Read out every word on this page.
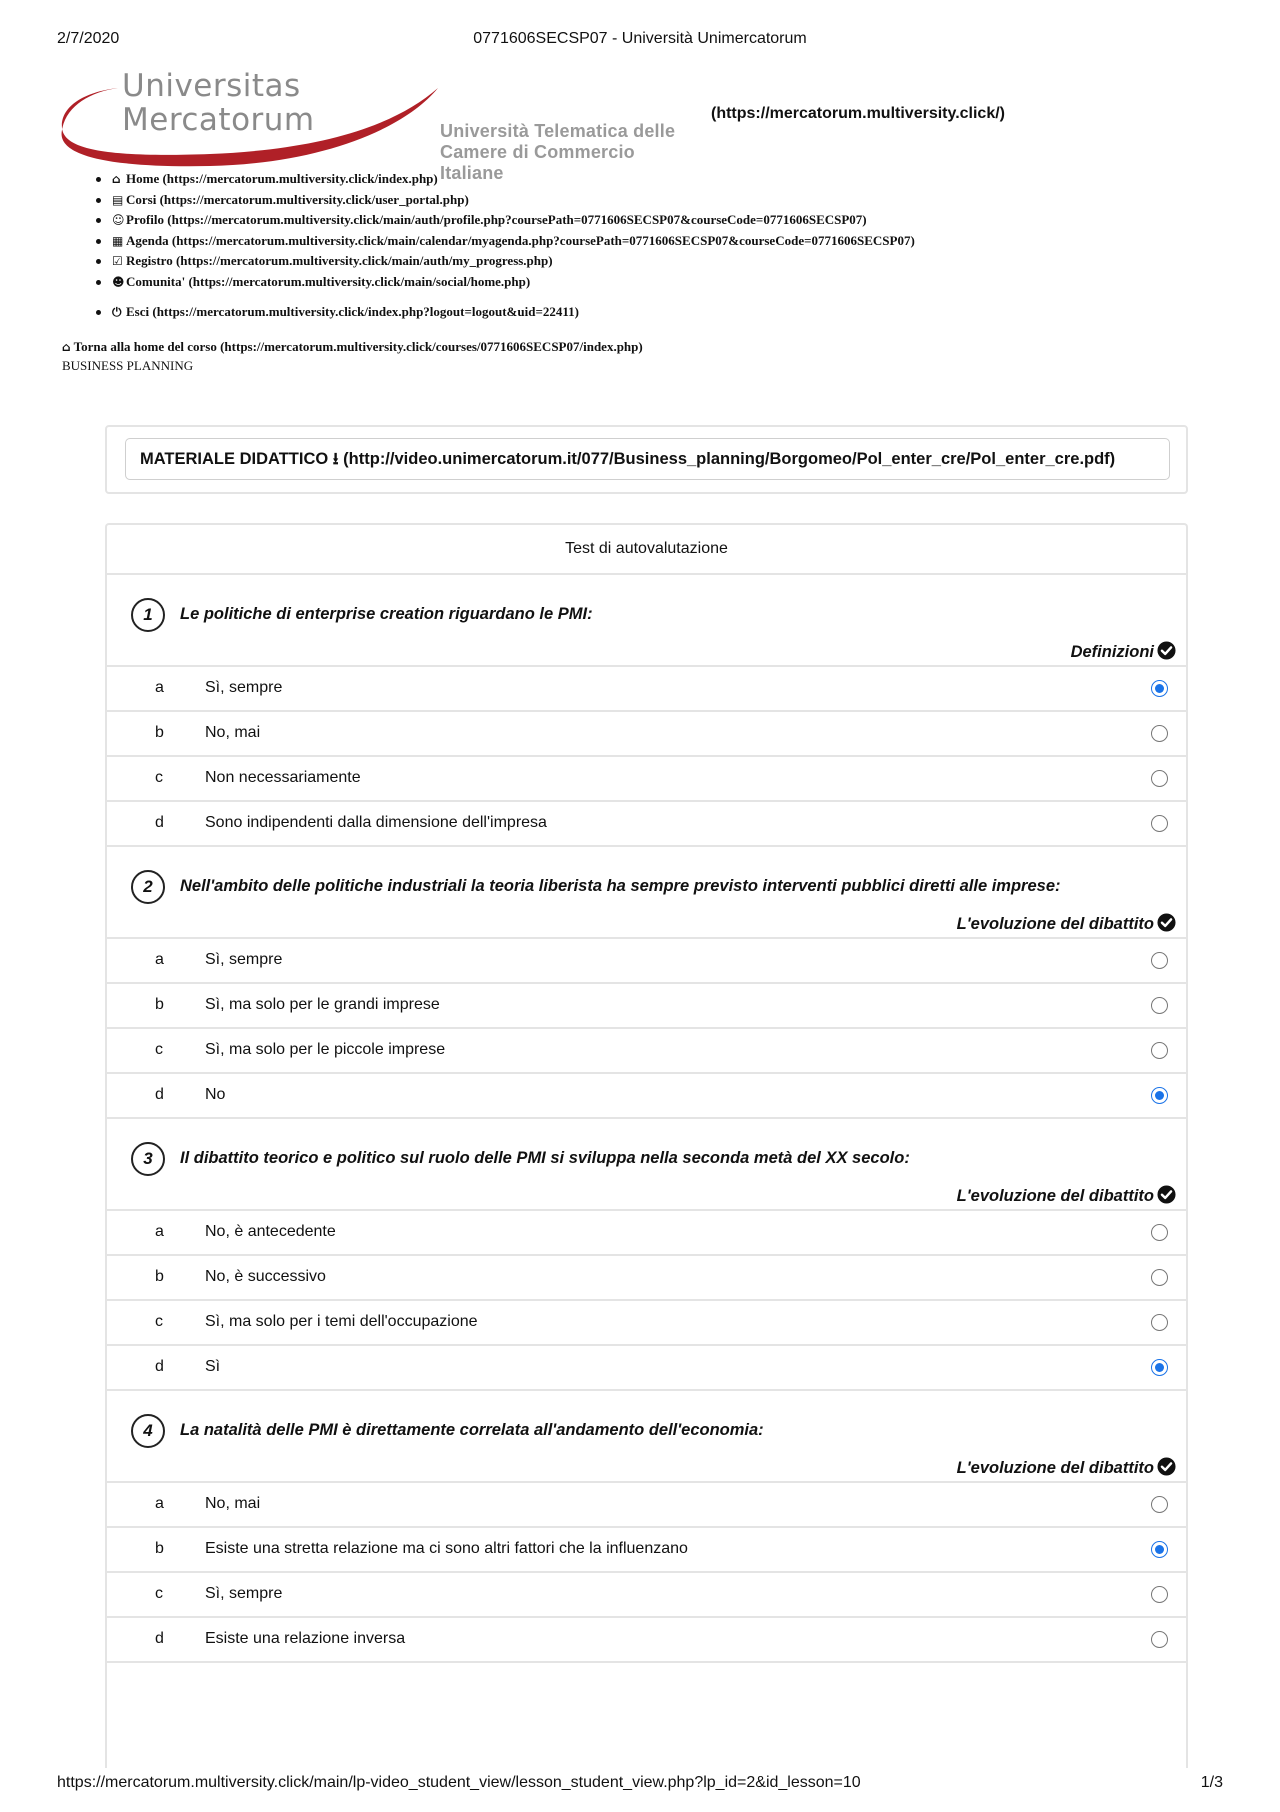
2/7/2020	0771606SECSP07 - Università Unimercatorum
Universitas
Mercatorum	Università Telematica delle
Camere di Commercio Italiane
(https://mercatorum.multiversity.click/)
⌂ Home (https://mercatorum.multiversity.click/index.php)
▤ Corsi (https://mercatorum.multiversity.click/user_portal.php)
☺Profilo (https://mercatorum.multiversity.click/main/auth/profile.php?coursePath=0771606SECSP07&courseCode=0771606SECSP07)
▦ Agenda (https://mercatorum.multiversity.click/main/calendar/myagenda.php?coursePath=0771606SECSP07&courseCode=0771606SECSP07)
☑ Registro (https://mercatorum.multiversity.click/main/auth/my_progress.php)
☻Comunita' (https://mercatorum.multiversity.click/main/social/home.php)
⏻ Esci (https://mercatorum.multiversity.click/index.php?logout=logout&uid=22411)
⌂ Torna alla home del corso (https://mercatorum.multiversity.click/courses/0771606SECSP07/index.php)
BUSINESS PLANNING
MATERIALE DIDATTICO ⭳ (http://video.unimercatorum.it/077/Business_planning/Borgomeo/Pol_enter_cre/Pol_enter_cre.pdf)
Test di autovalutazione
1	Le politiche di enterprise creation riguardano le PMI:
Definizioni
a	Sì, sempre
b	No, mai
c	Non necessariamente
d	Sono indipendenti dalla dimensione dell'impresa
2	Nell'ambito delle politiche industriali la teoria liberista ha sempre previsto interventi pubblici diretti alle imprese:
L'evoluzione del dibattito
a	Sì, sempre
b	Sì, ma solo per le grandi imprese
c	Sì, ma solo per le piccole imprese
d	No
3	Il dibattito teorico e politico sul ruolo delle PMI si sviluppa nella seconda metà del XX secolo:
L'evoluzione del dibattito
a	No, è antecedente
b	No, è successivo
c	Sì, ma solo per i temi dell'occupazione
d	Sì
4	La natalità delle PMI è direttamente correlata all'andamento dell'economia:
L'evoluzione del dibattito
a	No, mai
b	Esiste una stretta relazione ma ci sono altri fattori che la influenzano
c	Sì, sempre
d	Esiste una relazione inversa
https://mercatorum.multiversity.click/main/lp-video_student_view/lesson_student_view.php?lp_id=2&id_lesson=10	1/3
